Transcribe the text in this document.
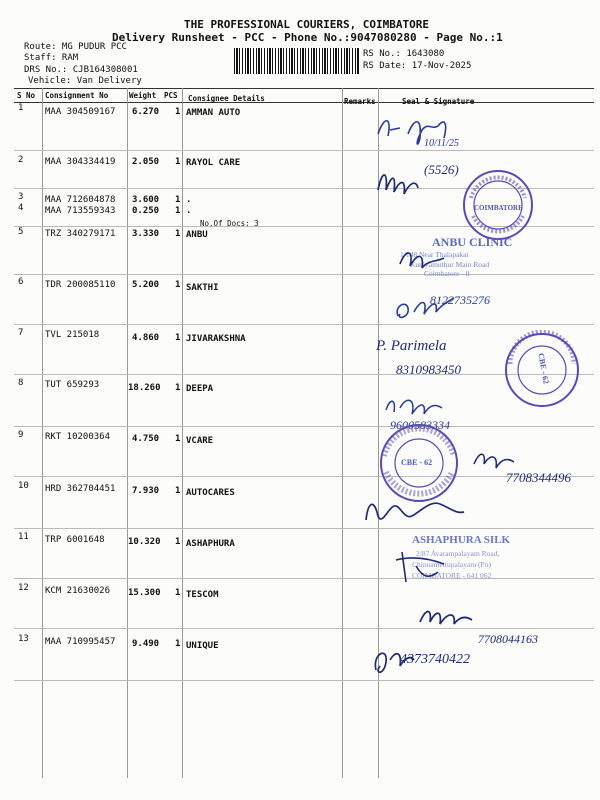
THE PROFESSIONAL COURIERS, COIMBATORE
Delivery Runsheet - PCC - Phone No.:9047080280 - Page No.:1
Route: MG PUDUR PCC
Staff: RAM
DRS No.: CJB164308001
Vehicle: Van Delivery
RS No.: 1643080
RS Date: 17-Nov-2025
S No Consignment No	Weight PCS Consignee Details	Remarks	Seal & Signature
1 MAA 304509167 6.270 1 AMMAN AUTO
2 MAA 304334419 2.050 1 RAYOL CARE
3 MAA 712604878 3.600 1 .
4 MAA 713559343 0.250 1 .
No.Of Docs: 3
5 TRZ 340279171 3.330 1 ANBU
6 TDR 200085110 5.200 1 SAKTHI
7 TVL 215018	4.860 1 JIVARAKSHNA
8 TUT 659293	18.260 1 DEEPA
9 RKT 10200364 4.750 1 VCARE
10 HRD 362704451 7.930 1 AUTOCARES
11 TRP 6001648	10.320 1 ASHAPHURA
12 KCM 21630026 15.300 1 TESCOM
13 MAA 710995457 9.490 1 UNIQUE
10/11/25
(5526)
COIMBATORE
ANBU CLINIC
1/148 Near Thalapakai
Kuniyamuthur Main Road
Coimbatore - 8
8122735276
P. Parimela
8310983450	CBE - 62
9600583334
CBE - 62
7708344496
ASHAPHURA SILK
2/87 Avarampalayam Road,
Chinnamettupalayam (Po)
COIMBATORE - 641 062
7708044163
4373740422
